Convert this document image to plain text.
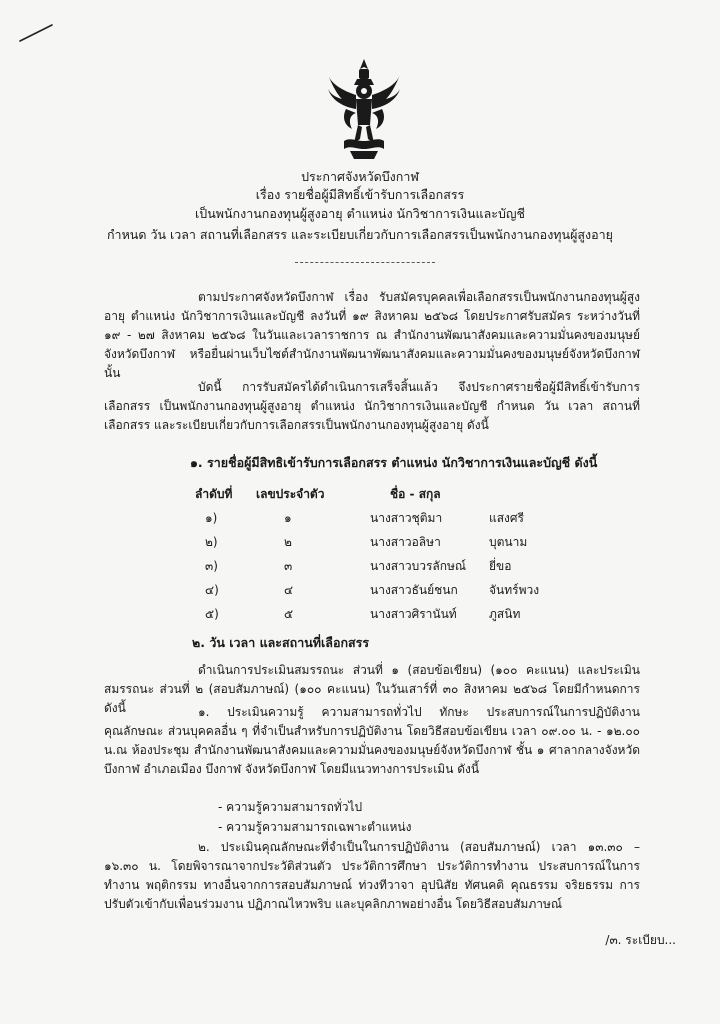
ประกาศจังหวัดบึงกาฬ
เรื่อง รายชื่อผู้มีสิทธิ์เข้ารับการเลือกสรร
เป็นพนักงานกองทุนผู้สูงอายุ ตำแหน่ง นักวิชาการเงินและบัญชี
กำหนด วัน เวลา สถานที่เลือกสรร และระเบียบเกี่ยวกับการเลือกสรรเป็นพนักงานกองทุนผู้สูงอายุ

ตามประกาศจังหวัดบึงกาฬ เรื่อง รับสมัครบุคคลเพื่อเลือกสรรเป็นพนักงานกองทุนผู้สูงอายุ ตำแหน่ง นักวิชาการเงินและบัญชี ลงวันที่ ๑๙ สิงหาคม ๒๕๖๘ โดยประกาศรับสมัคร ระหว่างวันที่ ๑๙ - ๒๗ สิงหาคม ๒๕๖๘ ในวันและเวลาราชการ ณ สำนักงานพัฒนาสังคมและความมั่นคงของมนุษย์จังหวัดบึงกาฬ หรือยื่นผ่านเว็บไซต์สำนักงานพัฒนาพัฒนาสังคมและความมั่นคงของมนุษย์จังหวัดบึงกาฬ นั้น

บัดนี้ การรับสมัครได้ดำเนินการเสร็จสิ้นแล้ว จึงประกาศรายชื่อผู้มีสิทธิ์เข้ารับการเลือกสรร เป็นพนักงานกองทุนผู้สูงอายุ ตำแหน่ง นักวิชาการเงินและบัญชี กำหนด วัน เวลา สถานที่เลือกสรร และระเบียบเกี่ยวกับการเลือกสรรเป็นพนักงานกองทุนผู้สูงอายุ ดังนี้

๑. รายชื่อผู้มีสิทธิเข้ารับการเลือกสรร ตำแหน่ง นักวิชาการเงินและบัญชี ดังนี้
ลำดับที่ เลขประจำตัว	ชื่อ - สกุล
๑)	๑	นางสาวชุติมา	แสงศรี
๒)	๒	นางสาวอลิษา	บุตนาม
๓)	๓	นางสาวบวรลักษณ์ ยี่ขอ
๔)	๔	นางสาวธันย์ชนก	จันทร์พวง
๕)	๕	นางสาวศิรานันท์	ภูสนิท
๒. วัน เวลา และสถานที่เลือกสรร

ดำเนินการประเมินสมรรถนะ ส่วนที่ ๑ (สอบข้อเขียน) (๑๐๐ คะแนน) และประเมิน สมรรถนะ ส่วนที่ ๒ (สอบสัมภาษณ์) (๑๐๐ คะแนน) ในวันเสาร์ที่ ๓๐ สิงหาคม ๒๕๖๘ โดยมีกำหนดการ ดังนี้	๑. ประเมินความรู้ ความสามารถทั่วไป ทักษะ ประสบการณ์ในการปฏิบัติงาน คุณลักษณะ ส่วนบุคคลอื่น ๆ ที่จำเป็นสำหรับการปฏิบัติงาน โดยวิธีสอบข้อเขียน เวลา ๐๙.๐๐ น. - ๑๒.๐๐ น.ณ ห้องประชุม สำนักงานพัฒนาสังคมและความมั่นคงของมนุษย์จังหวัดบึงกาฬ ชั้น ๑ ศาลากลางจังหวัดบึงกาฬ อำเภอเมือง บึงกาฬ จังหวัดบึงกาฬ โดยมีแนวทางการประเมิน ดังนี้

- ความรู้ความสามารถทั่วไป
- ความรู้ความสามารถเฉพาะตำแหน่ง

๒. ประเมินคุณลักษณะที่จำเป็นในการปฏิบัติงาน (สอบสัมภาษณ์) เวลา ๑๓.๓๐ – ๑๖.๓๐ น. โดยพิจารณาจากประวัติส่วนตัว ประวัติการศึกษา ประวัติการทำงาน ประสบการณ์ในการทำงาน พฤติกรรม ทางอื่นจากการสอบสัมภาษณ์ ท่วงทีวาจา อุปนิสัย ทัศนคติ คุณธรรม จริยธรรม การปรับตัวเข้ากับเพื่อนร่วมงาน ปฏิภาณไหวพริบ และบุคลิกภาพอย่างอื่น โดยวิธีสอบสัมภาษณ์

/๓. ระเบียบ...
